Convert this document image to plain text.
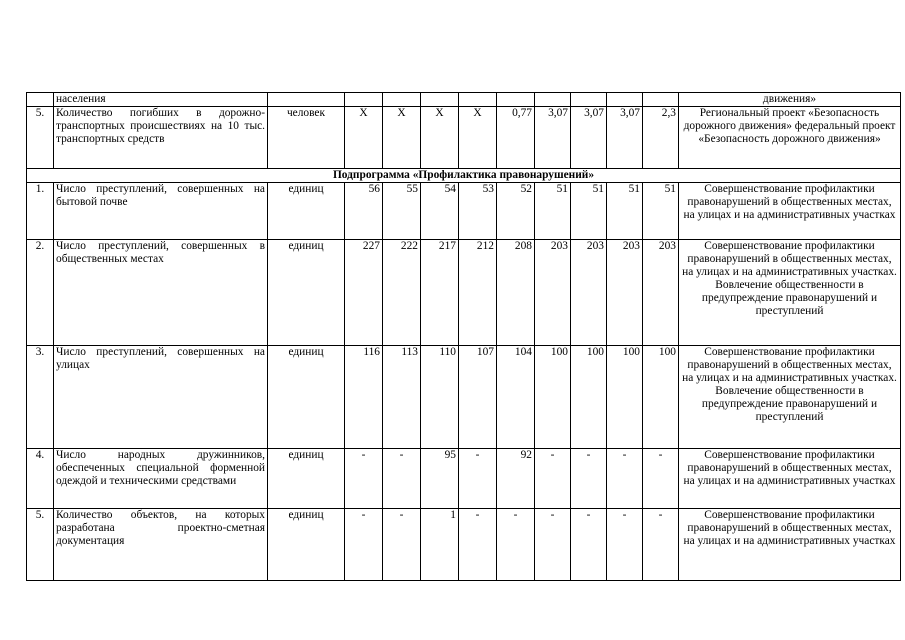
	населения											движения»
5.	Количество погибших в дорожно-транспортных происшествиях на 10 тыс. транспортных средств	человек	Х	Х	Х	Х	0,77	3,07	3,07	3,07	2,3	Региональный проект «Безопасность дорожного движения» федеральный проект «Безопасность дорожного движения»
Подпрограмма «Профилактика правонарушений»												
1.	Число преступлений, совершенных на бытовой почве	единиц	56	55	54	53	52	51	51	51	51	Совершенствование профилактики правонарушений в общественных местах, на улицах и на административных участках
2.	Число преступлений, совершенных в общественных местах	единиц	227	222	217	212	208	203	203	203	203	Совершенствование профилактики правонарушений в общественных местах, на улицах и на административных участках. Вовлечение общественности в предупреждение правонарушений и преступлений
3.	Число преступлений, совершенных на улицах	единиц	116	113	110	107	104	100	100	100	100	Совершенствование профилактики правонарушений в общественных местах, на улицах и на административных участках. Вовлечение общественности в предупреждение правонарушений и преступлений
4.	Число народных дружинников, обеспеченных специальной форменной одеждой и техническими средствами	единиц	-	-	95	-	92	-	-	-	-	Совершенствование профилактики правонарушений в общественных местах, на улицах и на административных участках
5.	Количество объектов, на которых разработана проектно-сметная документация	единиц	-	-	1	-	-	-	-	-	-	Совершенствование профилактики правонарушений в общественных местах, на улицах и на административных участках
